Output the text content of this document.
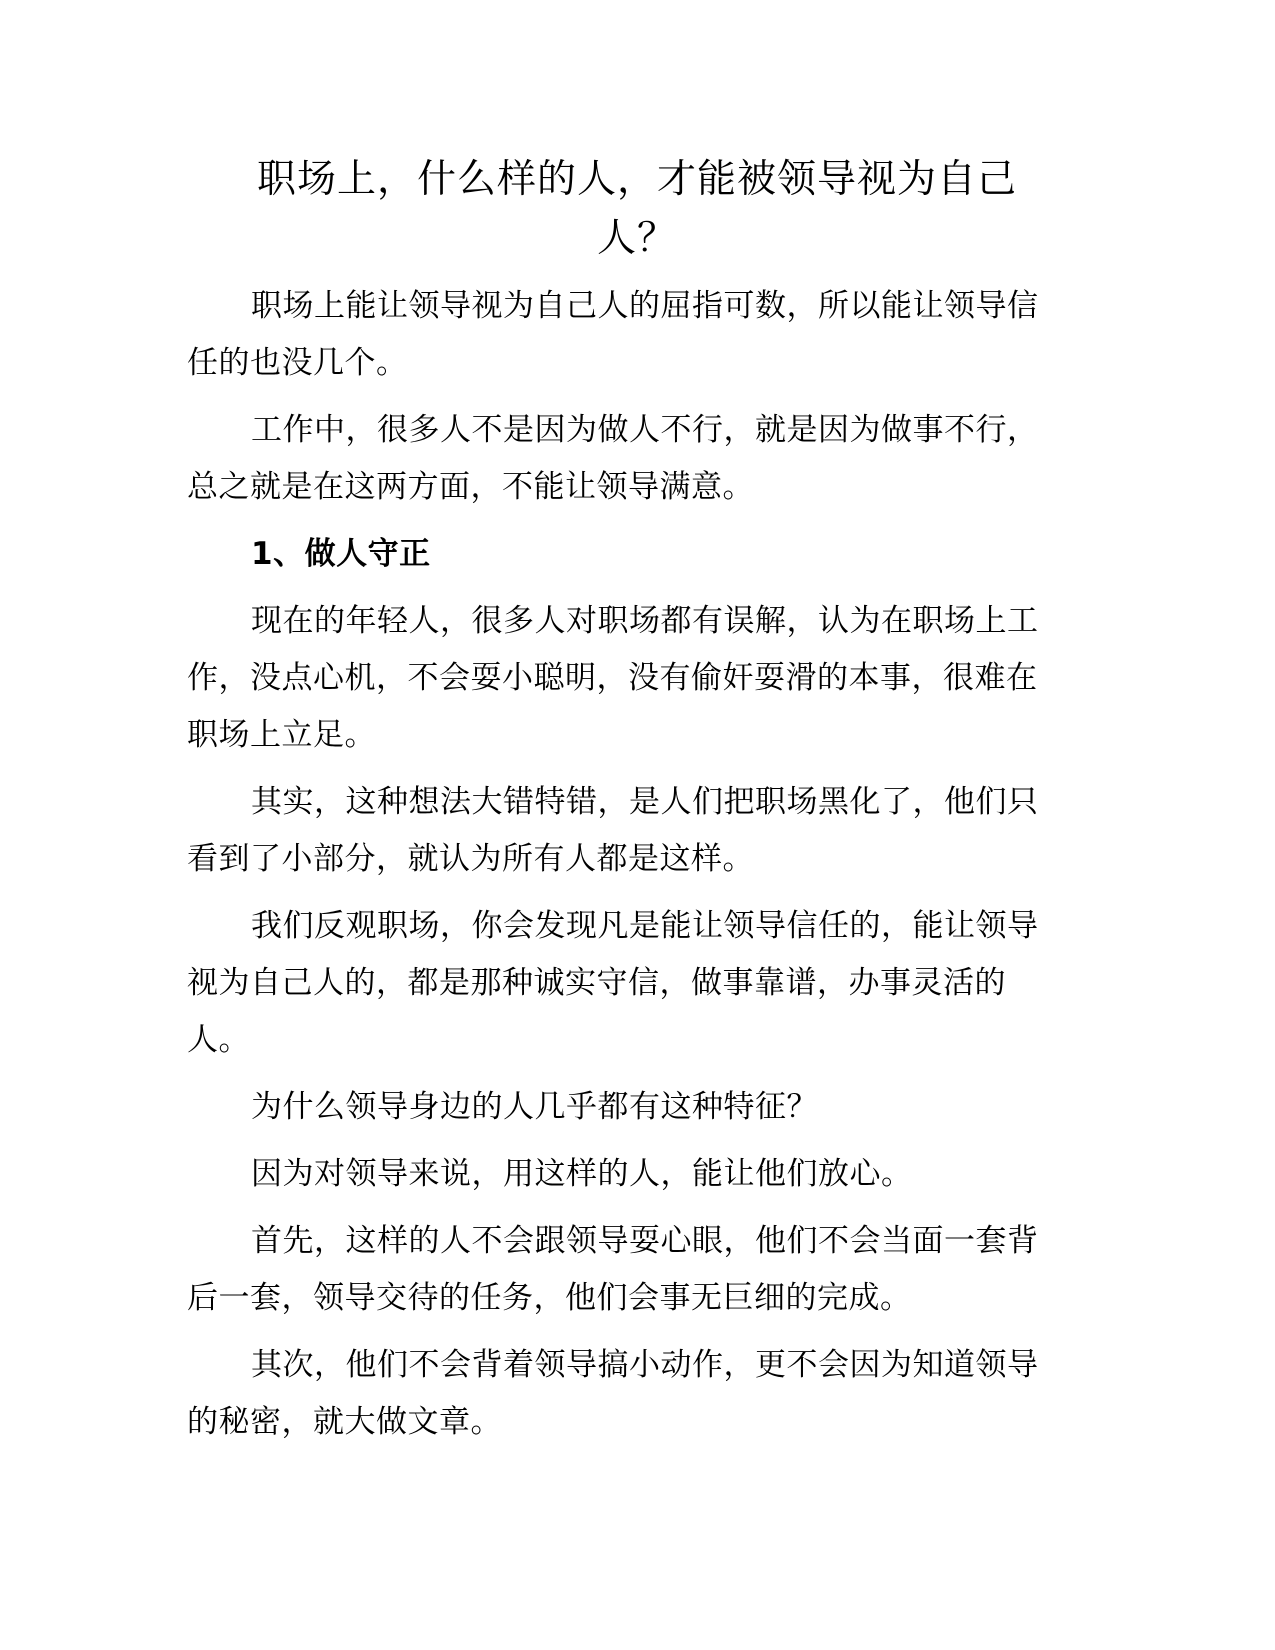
职场上，什么样的人，才能被领导视为自己
人？

职场上能让领导视为自己人的屈指可数，所以能让领导信
任的也没几个。

工作中，很多人不是因为做人不行，就是因为做事不行，
总之就是在这两方面，不能让领导满意。

1、做人守正

现在的年轻人，很多人对职场都有误解，认为在职场上工
作，没点心机，不会耍小聪明，没有偷奸耍滑的本事，很难在
职场上立足。

其实，这种想法大错特错，是人们把职场黑化了，他们只
看到了小部分，就认为所有人都是这样。

我们反观职场，你会发现凡是能让领导信任的，能让领导
视为自己人的，都是那种诚实守信，做事靠谱，办事灵活的
人。

为什么领导身边的人几乎都有这种特征？

因为对领导来说，用这样的人，能让他们放心。

首先，这样的人不会跟领导耍心眼，他们不会当面一套背
后一套，领导交待的任务，他们会事无巨细的完成。

其次，他们不会背着领导搞小动作，更不会因为知道领导
的秘密，就大做文章。
